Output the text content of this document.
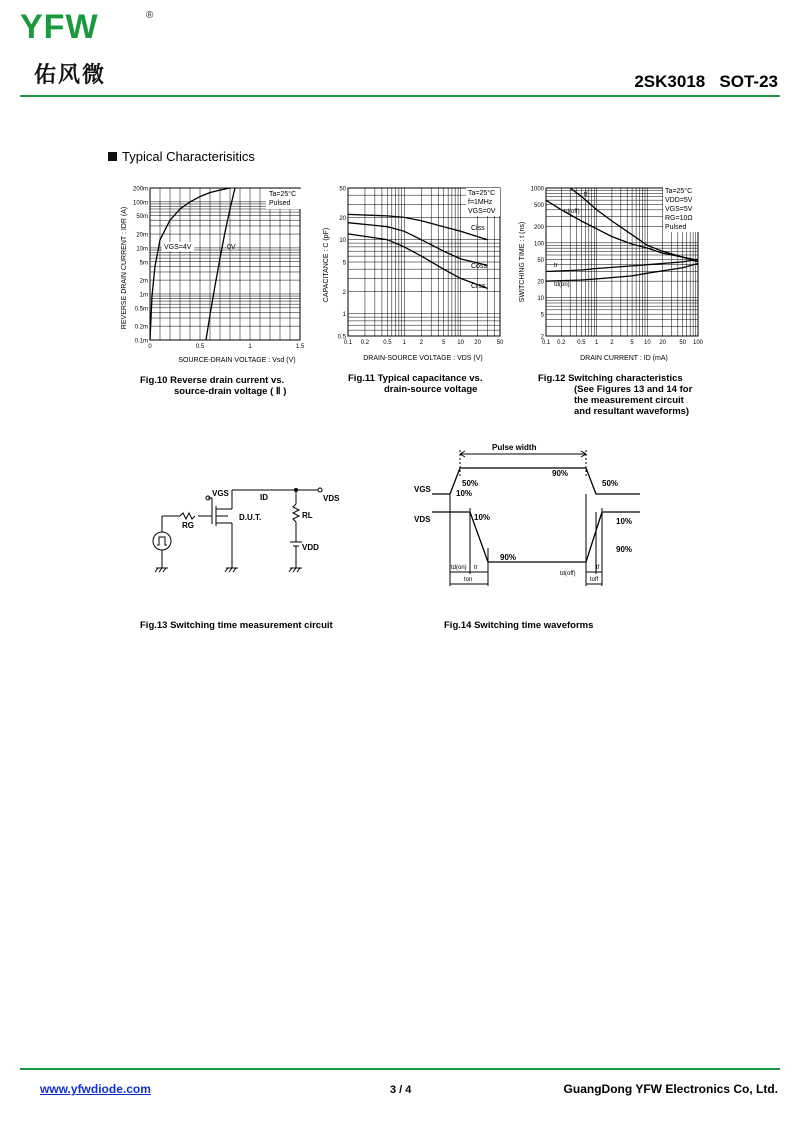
YFW	®
佑风微	2SK3018 SOT-23
Typical Characterisitics
200m
100m
50m
20m
10m
5m
2m
1m
0.5m
0.2m
0.1m
0	0.5	1	1.5
Ta=25°C
Pulsed
VGS=4V	0V
REVERSE DRAIN CURRENT : IDR (A)
SOURCE-DRAIN VOLTAGE : Vsd (V)
Fig.10 Reverse drain current vs.
source-drain voltage ( Ⅱ )
50
20
10
5
2
1
0.5
0.1 0.2 0.5 1 2	5 10 20	50
Ta=25°C
f=1MHz
VGS=0V
Ciss
Coss
Crss
CAPACITANCE : C (pF)
DRAIN-SOURCE VOLTAGE : VDS (V)
Fig.11 Typical capacitance vs.
drain-source voltage
1000
500
200
100
50
20
10
5
2
0.1 0.2 0.5 1 2	5 10 20 50 100
Ta=25°C
VDD=5V
VGS=5V
RG=10Ω
Pulsed
tf
td(off)
tr
td(on)
SWITCHING TIME : t (ns)
DRAIN CURRENT : ID (mA)
Fig.12 Switching characteristics
(See Figures 13 and 14 for
the measurement circuit
and resultant waveforms)
VGS	ID	VDS
RG
D.U.T.	RL
VDD
Fig.13 Switching time measurement circuit
Pulse width
VGS
VDS
50%
10%
90%
50%
10%
90%
10%
90%
td(on) tr
ton
td(off)
tf
toff
Fig.14 Switching time waveforms
www.yfwdiode.com	3 / 4	GuangDong YFW Electronics Co, Ltd.
